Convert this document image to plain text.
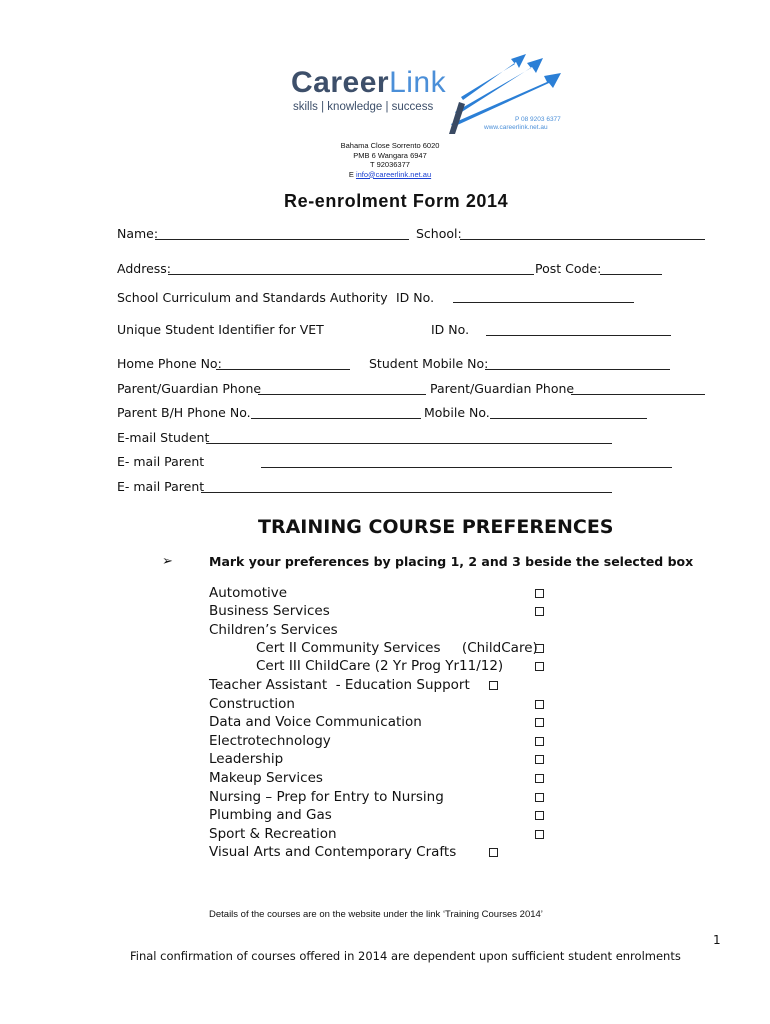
CareerLink
skills | knowledge | success
P 08 9203 6377
www.careerlink.net.au
Bahama Close Sorrento 6020
PMB 6 Wangara 6947
T 92036377
E info@careerlink.net.au
Re-enrolment Form 2014
Name:	School:
Address:	Post Code:
School Curriculum and Standards Authority ID No.
Unique Student Identifier for VET	ID No.
Home Phone No:	Student Mobile No:
Parent/Guardian Phone	Parent/Guardian Phone
Parent B/H Phone No.	Mobile No.
E-mail Student
E- mail Parent
E- mail Parent
TRAINING COURSE PREFERENCES
➢	Mark your preferences by placing 1, 2 and 3 beside the selected box
Automotive
Business Services
Children’s Services
Cert II Community Services     (ChildCare)
Cert III ChildCare (2 Yr Prog Yr11/12)
Teacher Assistant  - Education Support
Construction
Data and Voice Communication
Electrotechnology
Leadership
Makeup Services
Nursing – Prep for Entry to Nursing
Plumbing and Gas
Sport & Recreation
Visual Arts and Contemporary Crafts
Details of the courses are on the website under the link ‘Training Courses 2014’
1
Final confirmation of courses offered in 2014 are dependent upon sufficient student enrolments
